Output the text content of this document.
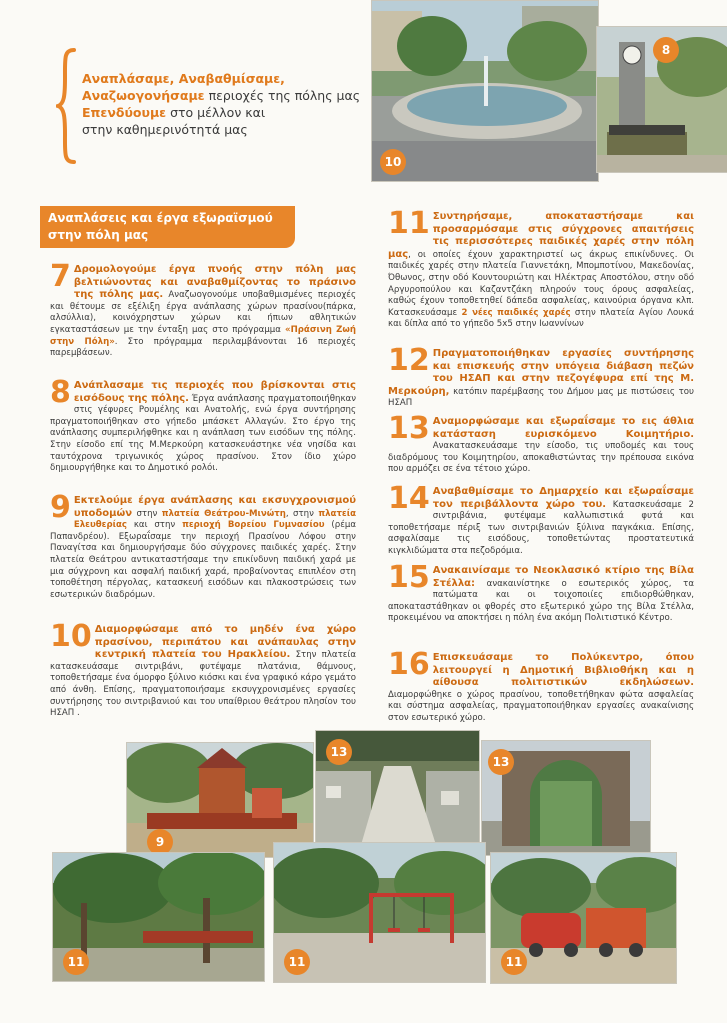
10
8
Αναπλάσαμε, Αναβαθμίσαμε,
Αναζωογονήσαμε περιοχές της πόλης μας
Επενδύουμε στο μέλλον και
στην καθημερινότητά μας
Αναπλάσεις και έργα εξωραϊσμού
στην πόλη μας
7 Δρομολογούμε έργα πνοής στην πόλη μας βελτιώνοντας και αναβαθμίζοντας το πράσινο της πόλης μας. Αναζωογονούμε υποβαθμισμένες περιοχές και θέτουμε σε εξέλιξη έργα ανάπλασης χώρων πρασίνου(πάρκα, αλσύλλια), κοινόχρηστων χώρων και ήπιων αθλητικών εγκαταστάσεων με την ένταξη μας στο πρόγραμμα «Πράσινη Ζωή στην Πόλη». Στο πρόγραμμα περιλαμβάνονται 16 περιοχές παρεμβάσεων.
8 Ανάπλασαμε τις περιοχές που βρίσκονται στις εισόδους της πόλης. Έργα ανάπλασης πραγματοποιήθηκαν στις γέφυρες Ρουμέλης και Ανατολής, ενώ έργα συντήρησης πραγματοποιήθηκαν στο γήπεδο μπάσκετ Αλλαγών. Στο έργο της ανάπλασης συμπεριλήφθηκε και η ανάπλαση των εισόδων της πόλης. Στην είσοδο επί της Μ.Μερκούρη κατασκευάστηκε νέα νησίδα και ταυτόχρονα τριγωνικός χώρος πρασίνου. Στον ίδιο χώρο δημιουργήθηκε και το Δημοτικό ρολόι.
9 Εκτελούμε έργα ανάπλασης και εκσυγχρονισμού υποδομών στην πλατεία Θεάτρου-Μινώτη, στην πλατεία Ελευθερίας και στην περιοχή Βορείου Γυμνασίου (ρέμα Παπανδρέου). Εξωραΐσαμε την περιοχή Πρασίνου Λόφου στην Παναγίτσα και δημιουργήσαμε δύο σύγχρονες παιδικές χαρές. Στην πλατεία Θεάτρου αντικαταστήσαμε την επικίνδυνη παιδική χαρά με μια σύγχρονη και ασφαλή παιδική χαρά, προβαίνοντας επιπλέον στη τοποθέτηση πέργολας, κατασκευή εισόδων και πλακοστρώσεις των εσωτερικών διαδρόμων.
10 Διαμορφώσαμε από το μηδέν ένα χώρο πρασίνου, περιπάτου και ανάπαυλας στην κεντρική πλατεία του Ηρακλείου. Στην πλατεία κατασκευάσαμε σιντριβάνι, φυτέψαμε πλατάνια, θάμνους, τοποθετήσαμε ένα όμορφο ξύλινο κιόσκι και ένα γραφικό κάρο γεμάτο από άνθη. Επίσης, πραγματοποιήσαμε εκσυγχρονισμένες εργασίες συντήρησης του σιντριβανιού και του υπαίθριου θεάτρου πλησίον του ΗΣΑΠ .
11 Συντηρήσαμε, αποκαταστήσαμε και προσαρμόσαμε στις σύγχρονες απαιτήσεις τις περισσότερες παιδικές χαρές στην πόλη μας, οι οποίες έχουν χαρακτηριστεί ως άκρως επικίνδυνες. Οι παιδικές χαρές στην πλατεία Γιαννετάκη, Μπομποτίνου, Μακεδονίας, Όθωνος, στην οδό Κουντουριώτη και Ηλέκτρας Αποστόλου, στην οδό Αργυροπούλου και Καζαντζάκη πληρούν τους όρους ασφαλείας, καθώς έχουν τοποθετηθεί δάπεδα ασφαλείας, καινούρια όργανα κλπ. Κατασκευάσαμε 2 νέες παιδικές χαρές στην πλατεία Αγίου Λουκά και δίπλα από το γήπεδο 5x5 στην Ιωαννίνων
12 Πραγματοποιήθηκαν εργασίες συντήρησης και επισκευής στην υπόγεια διάβαση πεζών του ΗΣΑΠ και στην πεζογέφυρα επί της Μ. Μερκούρη, κατόπιν παρέμβασης του Δήμου μας με πιστώσεις του ΗΣΑΠ
13 Αναμορφώσαμε και εξωραΐσαμε το εις άθλια κατάσταση ευρισκόμενο Κοιμητήριο. Ανακατασκευάσαμε την είσοδο, τις υποδομές και τους διαδρόμους του Κοιμητηρίου, αποκαθιστώντας την πρέπουσα εικόνα που αρμόζει σε ένα τέτοιο χώρο.
14 Αναβαθμίσαμε το Δημαρχείο και εξωραΐσαμε τον περιβάλλοντα χώρο του. Κατασκευάσαμε 2 σιντριβάνια, φυτέψαμε καλλωπιστικά φυτά και τοποθετήσαμε πέριξ των σιντριβανιών ξύλινα παγκάκια. Επίσης, ασφαλίσαμε τις εισόδους, τοποθετώντας προστατευτικά κιγκλιδώματα στα πεζοδρόμια.
15 Ανακαινίσαμε το Νεοκλασικό κτίριο της Βίλα Στέλλα: ανακαινίστηκε ο εσωτερικός χώρος, τα πατώματα και οι τοιχοποιίες επιδιορθώθηκαν, αποκαταστάθηκαν οι φθορές στο εξωτερικό χώρο της Βίλα Στέλλα, προκειμένου να αποκτήσει η πόλη ένα ακόμη Πολιτιστικό Κέντρο.
16 Επισκευάσαμε το Πολύκεντρο, όπου λειτουργεί η Δημοτική Βιβλιοθήκη και η αίθουσα πολιτιστικών εκδηλώσεων. Διαμορφώθηκε ο χώρος πρασίνου, τοποθετήθηκαν φώτα ασφαλείας και σύστημα ασφαλείας, πραγματοποιήθηκαν εργασίες ανακαίνισης στον εσωτερικό χώρο.
9
13
13
11	11	11
